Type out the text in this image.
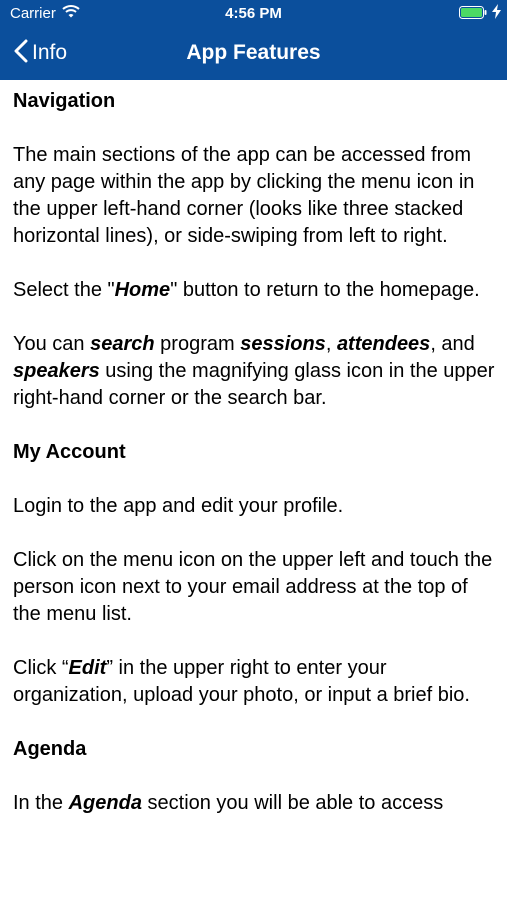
Carrier	4:56 PM
Info	App Features
Navigation

The main sections of the app can be accessed from any page within the app by clicking the menu icon in the upper left-hand corner (looks like three stacked horizontal lines), or side-swiping from left to right.

Select the "Home" button to return to the homepage.

You can search program sessions, attendees, and speakers using the magnifying glass icon in the upper right-hand corner or the search bar.

My Account

Login to the app and edit your profile.

Click on the menu icon on the upper left and touch the person icon next to your email address at the top of the menu list.

Click “Edit” in the upper right to enter your organization, upload your photo, or input a brief bio.

Agenda

In the Agenda section you will be able to access
